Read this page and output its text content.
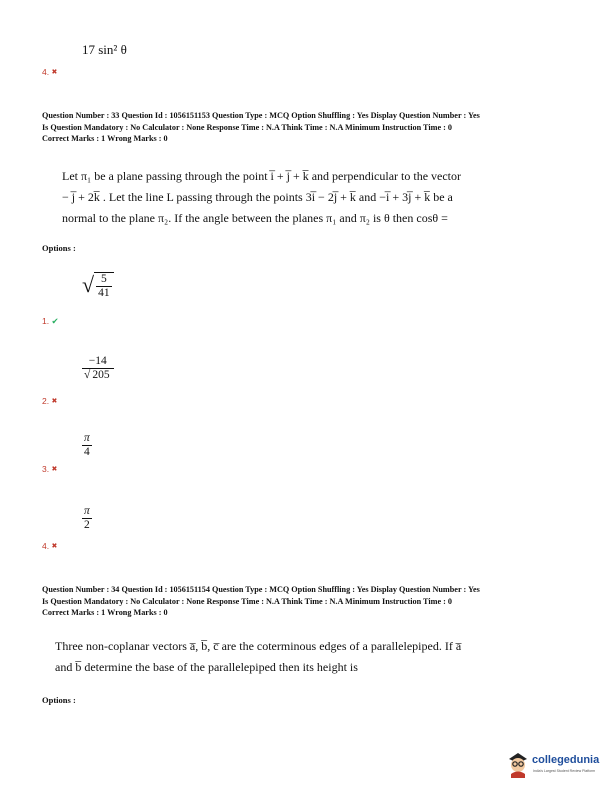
17 sin² θ
4. ✖
Question Number : 33 Question Id : 1056151153 Question Type : MCQ Option Shuffling : Yes Display Question Number : Yes
Is Question Mandatory : No Calculator : None Response Time : N.A Think Time : N.A Minimum Instruction Time : 0
Correct Marks : 1 Wrong Marks : 0
Let π₁ be a plane passing through the point i̅ + j̅ + k̅ and perpendicular to the vector
− j̅ + 2k̅ . Let the line L passing through the points 3i̅ − 2j̅ + k̅ and −i̅ + 3j̅ + k̅ be a
normal to the plane π₂. If the angle between the planes π₁ and π₂ is θ then cosθ =
Options :
√ $\frac{5}{41}$
1. ✔
$\frac{-14}{√ 205}$
2. ✖
$\frac{\pi}{4}$
3. ✖
$\frac{\pi}{2}$
4. ✖
Question Number : 34 Question Id : 1056151154 Question Type : MCQ Option Shuffling : Yes Display Question Number : Yes
Is Question Mandatory : No Calculator : None Response Time : N.A Think Time : N.A Minimum Instruction Time : 0
Correct Marks : 1 Wrong Marks : 0
Three non-coplanar vectors a̅, b̅, c̅ are the coterminous edges of a parallelepiped. If a̅
and b̅ determine the base of the parallelepiped then its height is
Options :
collegedunia
India's Largest Student Review Platform
